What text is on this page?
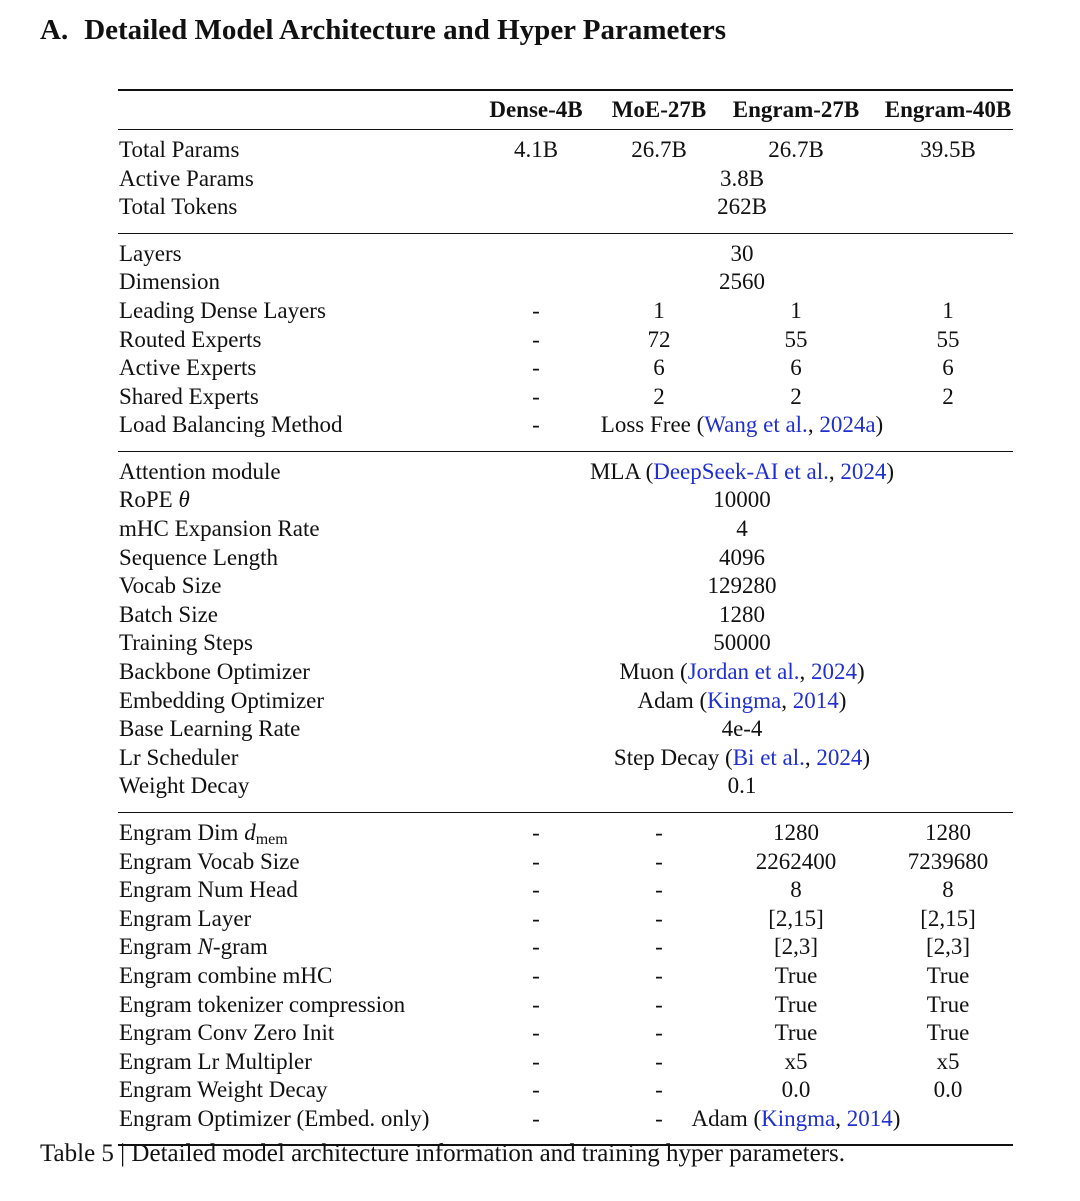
A. Detailed Model Architecture and Hyper Parameters
Dense-4B MoE-27B Engram-27B Engram-40B
Total Params	4.1B	26.7B	26.7B	39.5B
Active Params	3.8B
Total Tokens	262B
Layers	30
Dimension	2560
Leading Dense Layers	-	1	1	1
Routed Experts	-	72	55	55
Active Experts	-	6	6	6
Shared Experts	-	2	2	2
Load Balancing Method	-	Loss Free (Wang et al., 2024a)
Attention module	MLA (DeepSeek-AI et al., 2024)
RoPE θ	10000
mHC Expansion Rate	4
Sequence Length	4096
Vocab Size	129280
Batch Size	1280
Training Steps	50000
Backbone Optimizer	Muon (Jordan et al., 2024)
Embedding Optimizer	Adam (Kingma, 2014)
Base Learning Rate	4e-4
Lr Scheduler	Step Decay (Bi et al., 2024)
Weight Decay	0.1
Engram Dim dmem	-	-	1280	1280
Engram Vocab Size	-	-	2262400	7239680
Engram Num Head	-	-	8	8
Engram Layer	-	-	[2,15]	[2,15]
Engram N-gram	-	-	[2,3]	[2,3]
Engram combine mHC	-	-	True	True
Engram tokenizer compression	-	-	True	True
Engram Conv Zero Init	-	-	True	True
Engram Lr Multipler	-	-	x5	x5
Engram Weight Decay	-	-	0.0	0.0
Engram Optimizer (Embed. only)	-	- Adam (Kingma, 2014)
Table 5 | Detailed model architecture information and training hyper parameters.
